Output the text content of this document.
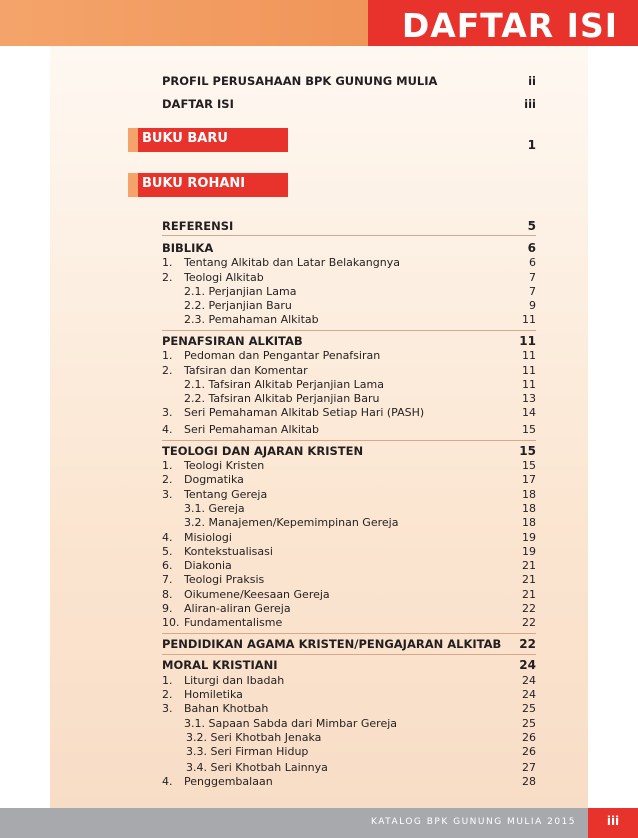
DAFTAR ISI
PROFIL PERUSAHAAN BPK GUNUNG MULIA	ii
DAFTAR ISI	iii
BUKU BARU	1
BUKU ROHANI
REFERENSI	5
BIBLIKA	6
1. Tentang Alkitab dan Latar Belakangnya	6
2. Teologi Alkitab	7
2.1. Perjanjian Lama	7
2.2. Perjanjian Baru	9
2.3. Pemahaman Alkitab	11
PENAFSIRAN ALKITAB	11
1. Pedoman dan Pengantar Penafsiran	11
2. Tafsiran dan Komentar	11
2.1. Tafsiran Alkitab Perjanjian Lama	11
2.2. Tafsiran Alkitab Perjanjian Baru	13
3. Seri Pemahaman Alkitab Setiap Hari (PASH)	14
4. Seri Pemahaman Alkitab	15
TEOLOGI DAN AJARAN KRISTEN	15
1. Teologi Kristen	15
2. Dogmatika	17
3. Tentang Gereja	18
3.1. Gereja	18
3.2. Manajemen/Kepemimpinan Gereja	18
4. Misiologi	19
5. Kontekstualisasi	19
6. Diakonia	21
7. Teologi Praksis	21
8. Oikumene/Keesaan Gereja	21
9. Aliran-aliran Gereja	22
10. Fundamentalisme	22
PENDIDIKAN AGAMA KRISTEN/PENGAJARAN ALKITAB 22
MORAL KRISTIANI	24
1. Liturgi dan Ibadah	24
2. Homiletika	24
3. Bahan Khotbah	25
3.1. Sapaan Sabda dari Mimbar Gereja	25
3.2. Seri Khotbah Jenaka	26
3.3. Seri Firman Hidup	26
3.4. Seri Khotbah Lainnya	27
4. Penggembalaan	28
KATALOG BPK GUNUNG MULIA 2015	iii
